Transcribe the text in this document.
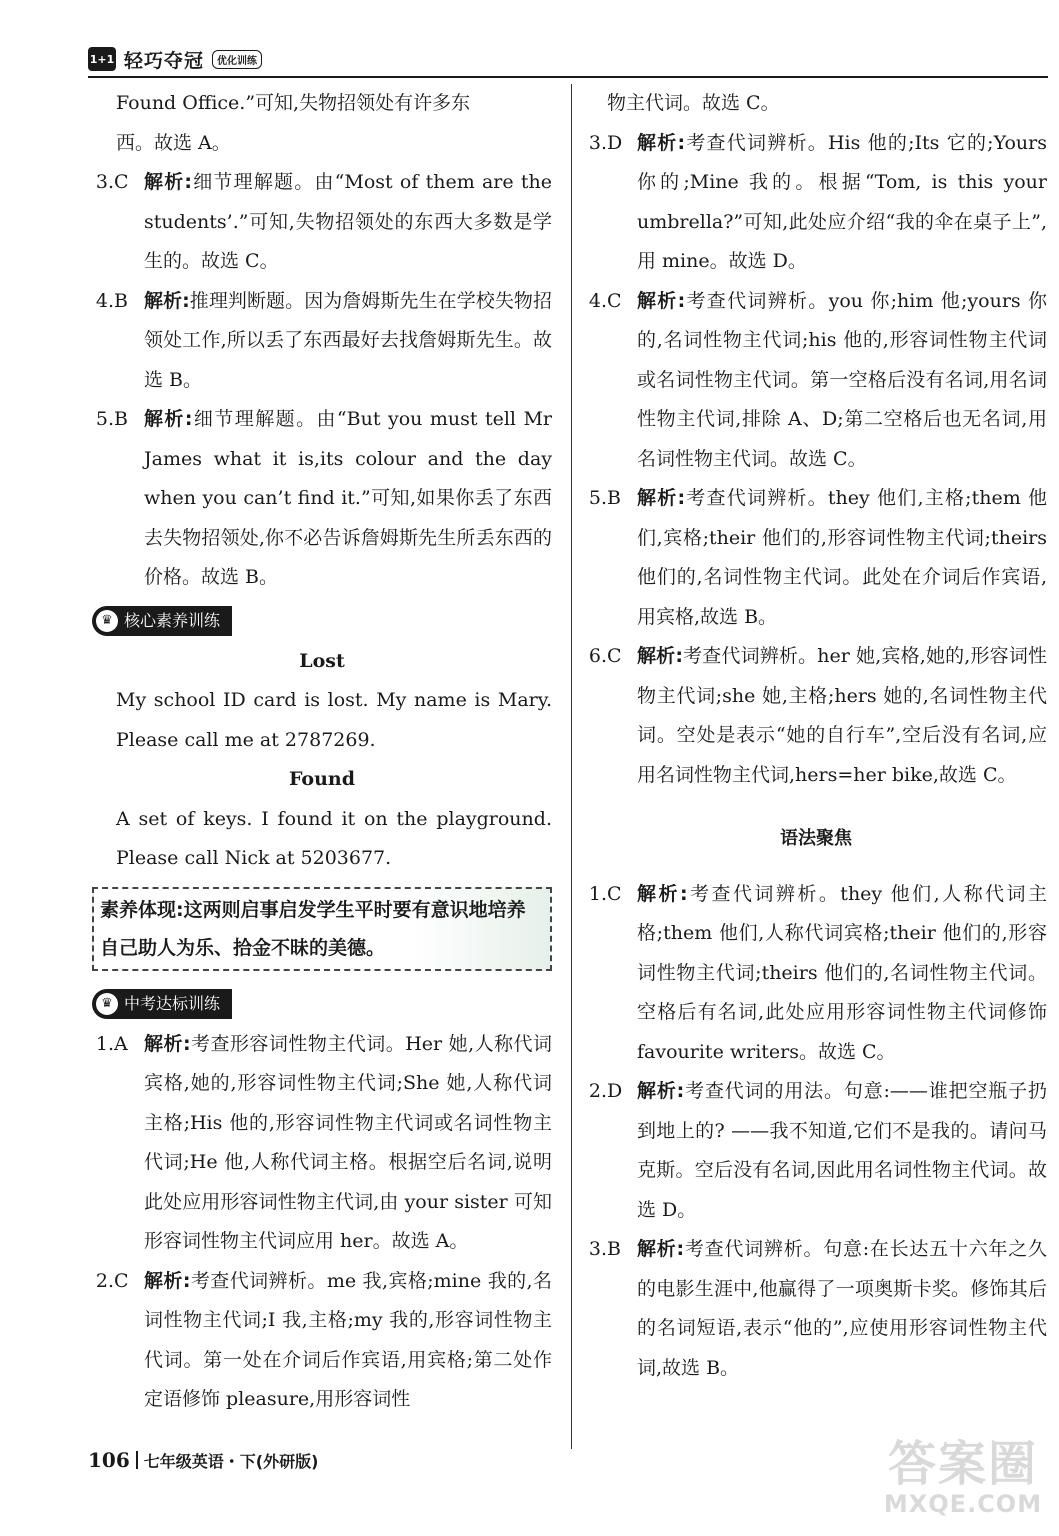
1+1 轻巧夺冠	优化训练

Found Office.”可知,失物招领处有许多东

西。故选 A。

3. C 解析:细节理解题。由“Most of them are the students’.”可知,失物招领处的东西大多数是学生的。故选 C。
4. B 解析:推理判断题。因为詹姆斯先生在学校失物招领处工作,所以丢了东西最好去找詹姆斯先生。故选 B。
5. B 解析:细节理解题。由“But you must tell Mr James what it is,its colour and the day when you can’t find it.”可知,如果你丢了东西去失物招领处,你不必告诉詹姆斯先生所丢东西的价格。故选 B。
♛ 核心素养训练
Lost

My school ID card is lost. My name is Mary. Please call me at 2787269.

Found

A set of keys. I found it on the playground. Please call Nick at 5203677.

素养体现:这两则启事启发学生平时要有意识地培养自己助人为乐、拾金不昧的美德。
♛ 中考达标训练
1. A 解析:考查形容词性物主代词。Her 她,人称代词宾格,她的,形容词性物主代词;She 她,人称代词主格;His 他的,形容词性物主代词或名词性物主代词;He 他,人称代词主格。根据空后名词,说明此处应用形容词性物主代词,由 your sister 可知形容词性物主代词应用 her。故选 A。
2. C 解析:考查代词辨析。me 我,宾格;mine 我的,名词性物主代词;I 我,主格;my 我的,形容词性物主代词。第一处在介词后作宾语,用宾格;第二处作定语修饰 pleasure,用形容词性

物主代词。故选 C。

3. D 解析:考查代词辨析。His 他的;Its 它的;Yours 你的;Mine 我的。根据“Tom, is this your umbrella?”可知,此处应介绍“我的伞在桌子上”,用 mine。故选 D。
4. C 解析:考查代词辨析。you 你;him 他;yours 你的,名词性物主代词;his 他的,形容词性物主代词或名词性物主代词。第一空格后没有名词,用名词性物主代词,排除 A、D;第二空格后也无名词,用名词性物主代词。故选 C。
5. B 解析:考查代词辨析。they 他们,主格;them 他们,宾格;their 他们的,形容词性物主代词;theirs 他们的,名词性物主代词。此处在介词后作宾语,用宾格,故选 B。
6. C 解析:考查代词辨析。her 她,宾格,她的,形容词性物主代词;she 她,主格;hers 她的,名词性物主代词。空处是表示“她的自行车”,空后没有名词,应用名词性物主代词,hers=her bike,故选 C。
语法聚焦
1. C 解析:考查代词辨析。they 他们,人称代词主格;them 他们,人称代词宾格;their 他们的,形容词性物主代词;theirs 他们的,名词性物主代词。空格后有名词,此处应用形容词性物主代词修饰 favourite writers。故选 C。
2. D 解析:考查代词的用法。句意:——谁把空瓶子扔到地上的? ——我不知道,它们不是我的。请问马克斯。空后没有名词,因此用名词性物主代词。故选 D。
3. B 解析:考查代词辨析。句意:在长达五十六年之久的电影生涯中,他赢得了一项奥斯卡奖。修饰其后的名词短语,表示“他的”,应使用形容词性物主代词,故选 B。
106 七年级英语・下(外研版)	答案圈
MXQE.COM
